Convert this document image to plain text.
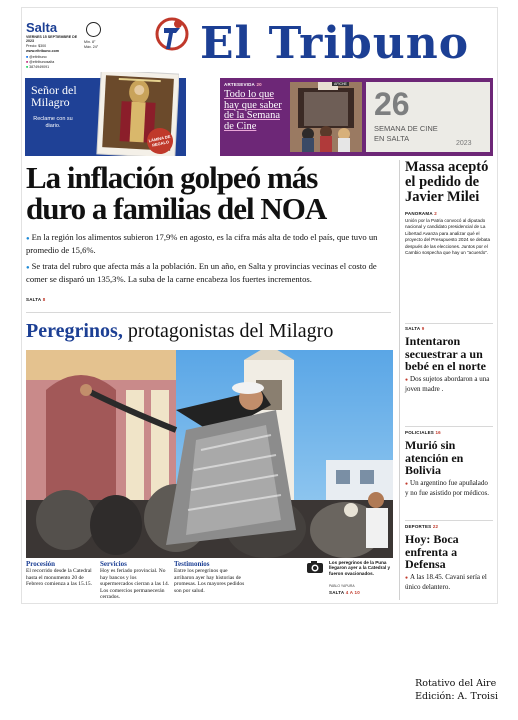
Salta
VIERNES 15 SEPTIEMBRE DE 2023
Precio: $300
www.eltribuno.com
■ @eltribuno
■ @eltribunosalta
■ 3874949091
Mín. 8°
Máx. 24° El Tribuno
Señor del Milagro
Reclame con su diario.
LÁMINA DE REGALO
ARTESEVIDA 20
Todo lo que hay que saber de la Semana de Cine
AFICHE
26
SEMANA DE CINE
EN SALTA
2023
La inflación golpeó más
duro a familias del NOA
● En la región los alimentos subieron 17,9% en agosto, es la cifra más alta de todo el país, que tuvo un promedio de 15,6%.
● Se trata del rubro que afecta más a la población. En un año, en Salta y provincias vecinas el costo de comer se disparó un 135,3%. La suba de la carne encabeza los fuertes incrementos.
SALTA 8
Peregrinos, protagonistas del Milagro
Procesión
El recorrido desde la Catedral hasta el monumento 20 de Febrero comienza a las 15.15.
Servicios
Hoy es feriado provincial. No hay bancos y los supermercados cierran a las 14. Los comercios permanecerán cerrados.
Testimonios
Entre los peregrinos que arribaron ayer hay historias de promesas. Los mayores pedidos son por salud.
Los peregrinos de la Puna llegaron ayer a la Catedral y fueron ovacionados.
PABLO YAPURA
SALTA 4 A 10
Massa aceptó el pedido de Javier Milei
PANORAMA 2
Unión por la Patria convocó al diputado nacional y candidato presidencial de La Libertad Avanza para analizar qué el proyecto del Presupuesto 2024 se debata después de las elecciones. Juntos por el Cambio sospecha que hay un "acuerdo".
SALTA 9
Intentaron secuestrar a un bebé en el norte
● Dos sujetos abordaron a una joven madre .
POLICIALES 16
Murió sin atención en Bolivia
● Un argentino fue apuñalado y no fue asistido por médicos.
DEPORTES 22
Hoy: Boca enfrenta a Defensa
● A las 18.45. Cavani sería el único delantero.
Rotativo del Aire
Edición: A. Troisi
